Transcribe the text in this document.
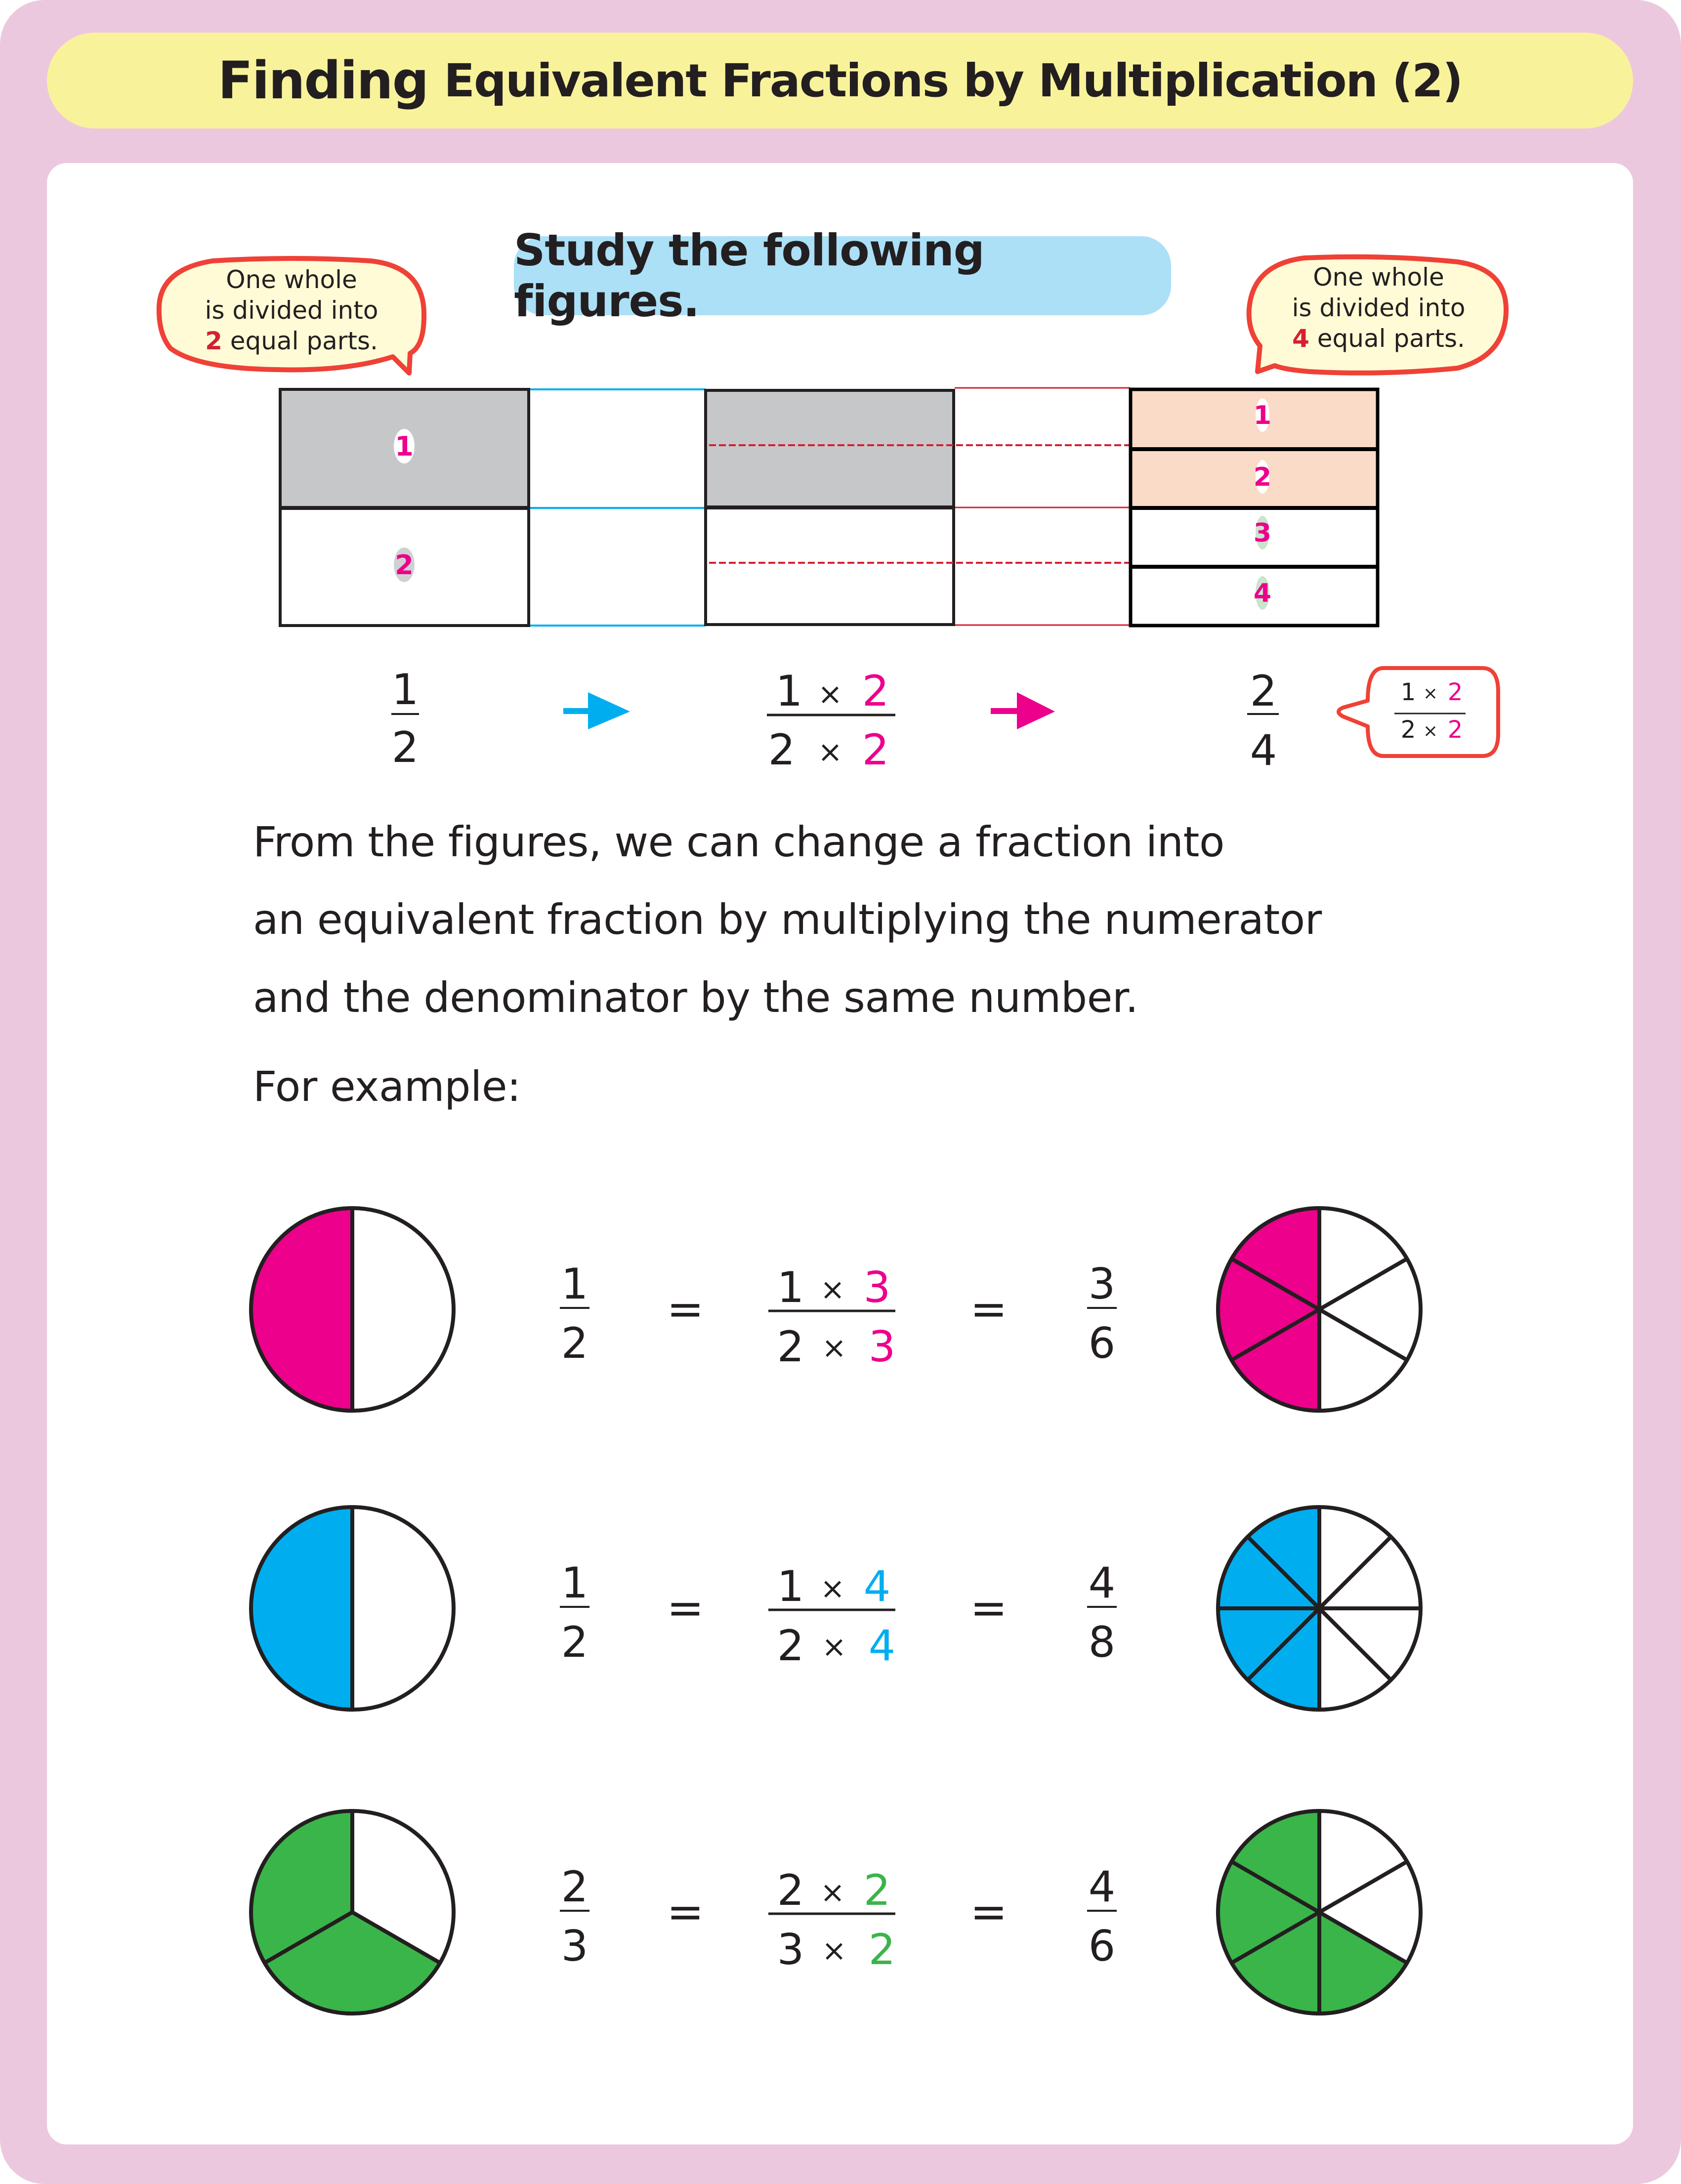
Finding Equivalent Fractions by Multiplication (2)
Study the following figures.
One whole
is divided into
2 equal parts.
One whole
is divided into
4 equal parts.
1
2
1
2
3
4
1
2
1 × 2
2 × 2
2
4
1 × 2
2 × 2
From the figures, we can change a fraction into
an equivalent fraction by multiplying the numerator
and the denominator by the same number.
For example:
1
2
= 1 × 3
2 × 3
= 3
6
1
2
= 1 × 4
2 × 4
= 4
8
2
3
= 2 × 2
3 × 2
= 4
6
